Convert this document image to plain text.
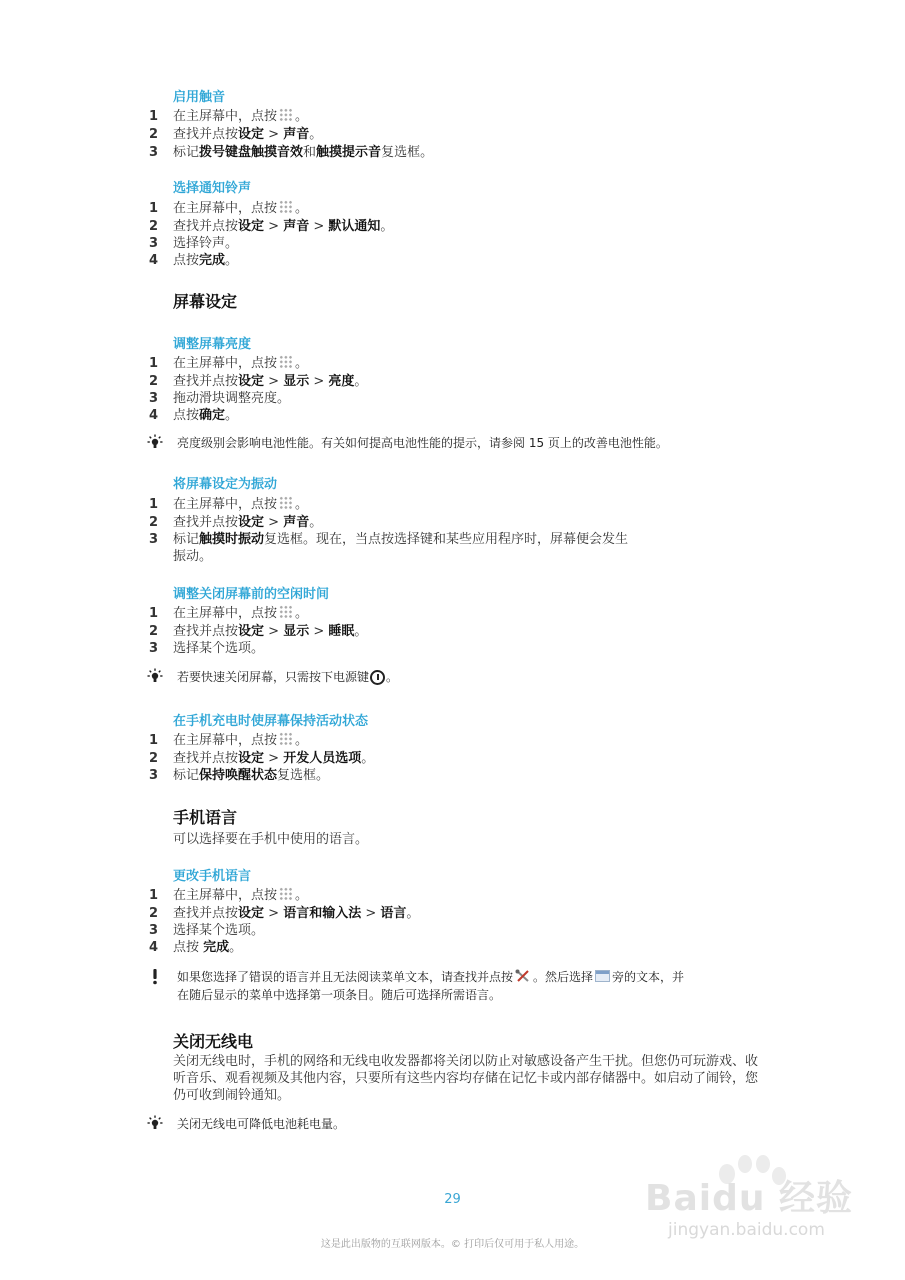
启用触音
1	在主屏幕中，点按 。
2	查找并点按设定 > 声音。
3	标记拨号键盘触摸音效和触摸提示音复选框。
选择通知铃声
1	在主屏幕中，点按 。
2	查找并点按设定 > 声音 > 默认通知。
3	选择铃声。
4	点按完成。
屏幕设定
调整屏幕亮度
1	在主屏幕中，点按 。
2	查找并点按设定 > 显示 > 亮度。
3	拖动滑块调整亮度。
4	点按确定。
亮度级别会影响电池性能。有关如何提高电池性能的提示，请参阅 15 页上的改善电池性能。
将屏幕设定为振动
1	在主屏幕中，点按 。
2	查找并点按设定 > 声音。
3	标记触摸时振动复选框。现在，当点按选择键和某些应用程序时，屏幕便会发生
振动。
调整关闭屏幕前的空闲时间
1	在主屏幕中，点按 。
2	查找并点按设定 > 显示 > 睡眠。
3	选择某个选项。
若要快速关闭屏幕，只需按下电源键 。
在手机充电时使屏幕保持活动状态
1	在主屏幕中，点按 。
2	查找并点按设定 > 开发人员选项。
3	标记保持唤醒状态复选框。
手机语言
可以选择要在手机中使用的语言。
更改手机语言
1	在主屏幕中，点按 。
2	查找并点按设定 > 语言和输入法 > 语言。
3	选择某个选项。
4	点按 完成。
如果您选择了错误的语言并且无法阅读菜单文本，请查找并点按 。然后选择 旁的文本，并
在随后显示的菜单中选择第一项条目。随后可选择所需语言。
关闭无线电
关闭无线电时，手机的网络和无线电收发器都将关闭以防止对敏感设备产生干扰。但您仍可玩游戏、收听音乐、观看视频及其他内容，只要所有这些内容均存储在记忆卡或内部存储器中。如启动了闹铃，您仍可收到闹铃通知。
关闭无线电可降低电池耗电量。
Baidu 经验
jingyan.baidu.com
29
这是此出版物的互联网版本。© 打印后仅可用于私人用途。
